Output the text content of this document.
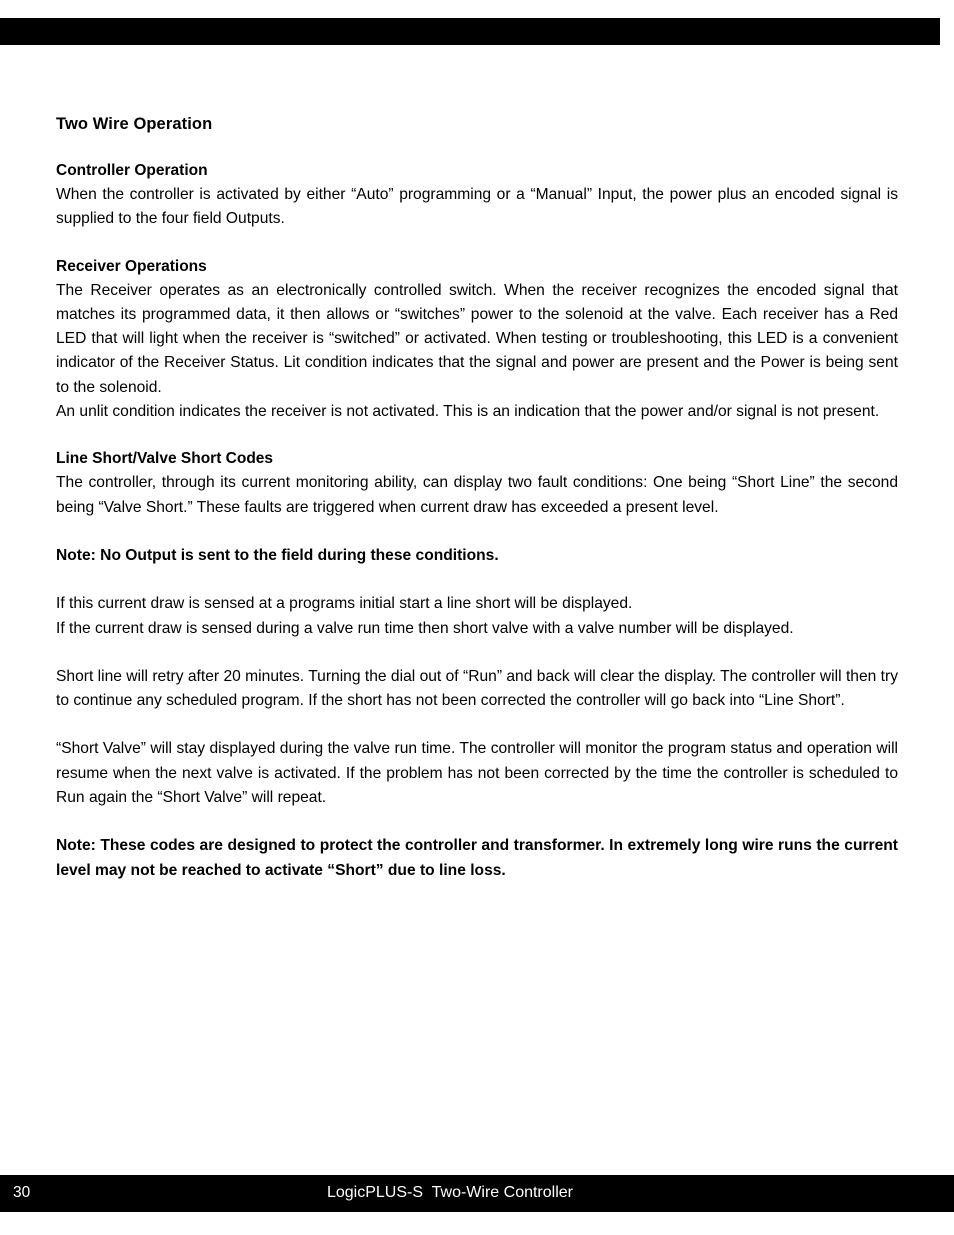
Two Wire Operation
Controller Operation

When the controller is activated by either “Auto” programming or a “Manual” Input, the power plus an encoded signal is supplied to the four field Outputs.

Receiver Operations

The Receiver operates as an electronically controlled switch. When the receiver recognizes the encoded signal that matches its programmed data, it then allows or “switches” power to the solenoid at the valve. Each receiver has a Red LED that will light when the receiver is “switched” or activated. When testing or troubleshooting, this LED is a convenient indicator of the Receiver Status. Lit condition indicates that the signal and power are present and the Power is being sent to the solenoid.

An unlit condition indicates the receiver is not activated. This is an indication that the power and/or signal is not present.

Line Short/Valve Short Codes

The controller, through its current monitoring ability, can display two fault conditions: One being “Short Line” the second being “Valve Short.” These faults are triggered when current draw has exceeded a present level.

Note: No Output is sent to the field during these conditions.

If this current draw is sensed at a programs initial start a line short will be displayed.

If the current draw is sensed during a valve run time then short valve with a valve number will be displayed.

Short line will retry after 20 minutes. Turning the dial out of “Run” and back will clear the display. The controller will then try to continue any scheduled program. If the short has not been corrected the controller will go back into “Line Short”.

“Short Valve” will stay displayed during the valve run time. The controller will monitor the program status and operation will resume when the next valve is activated. If the problem has not been corrected by the time the controller is scheduled to Run again the “Short Valve” will repeat.

Note: These codes are designed to protect the controller and transformer. In extremely long wire runs the current level may not be reached to activate “Short” due to line loss.

30	LogicPLUS-S  Two-Wire Controller
